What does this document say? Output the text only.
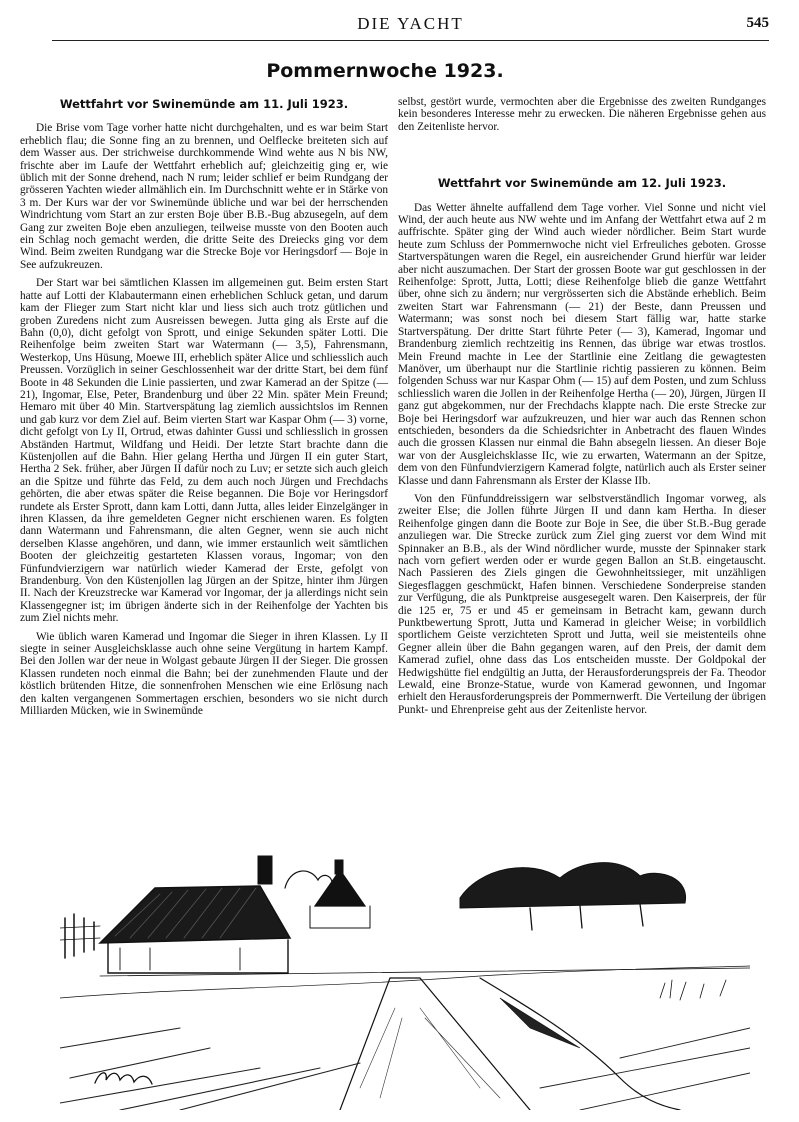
DIE YACHT	545
Pommernwoche 1923.
Wettfahrt vor Swinemünde am 11. Juli 1923.

Die Brise vom Tage vorher hatte nicht durchgehalten, und es war beim Start erheblich flau; die Sonne fing an zu brennen, und Oelflecke breiteten sich auf dem Wasser aus. Der strichweise durchkommende Wind wehte aus N bis NW, frischte aber im Laufe der Wettfahrt erheblich auf; gleichzeitig ging er, wie üblich mit der Sonne drehend, nach N rum; leider schlief er beim Rundgang der grösseren Yachten wieder allmählich ein. Im Durchschnitt wehte er in Stärke von 3 m. Der Kurs war der vor Swinemünde übliche und war bei der herrschenden Windrichtung vom Start an zur ersten Boje über B.B.-Bug abzusegeln, auf dem Gang zur zweiten Boje eben anzuliegen, teilweise musste von den Booten auch ein Schlag noch gemacht werden, die dritte Seite des Dreiecks ging vor dem Wind. Beim zweiten Rundgang war die Strecke Boje vor Heringsdorf — Boje in See aufzukreuzen.

Der Start war bei sämtlichen Klassen im allgemeinen gut. Beim ersten Start hatte auf Lotti der Klabautermann einen erheblichen Schluck getan, und darum kam der Flieger zum Start nicht klar und liess sich auch trotz gütlichen und groben Zuredens nicht zum Ausreissen bewegen. Jutta ging als Erste auf die Bahn (0,0), dicht gefolgt von Sprott, und einige Sekunden später Lotti. Die Reihenfolge beim zweiten Start war Watermann (— 3,5), Fahrensmann, Westerkop, Uns Hüsung, Moewe III, erheblich später Alice und schliesslich auch Preussen. Vorzüglich in seiner Geschlossenheit war der dritte Start, bei dem fünf Boote in 48 Sekunden die Linie passierten, und zwar Kamerad an der Spitze (— 21), Ingomar, Else, Peter, Brandenburg und über 22 Min. später Mein Freund; Hemaro mit über 40 Min. Startverspätung lag ziemlich aussichtslos im Rennen und gab kurz vor dem Ziel auf. Beim vierten Start war Kaspar Ohm (— 3) vorne, dicht gefolgt von Ly II, Ortrud, etwas dahinter Gussi und schliesslich in grossen Abständen Hartmut, Wildfang und Heidi. Der letzte Start brachte dann die Küstenjollen auf die Bahn. Hier gelang Hertha und Jürgen II ein guter Start, Hertha 2 Sek. früher, aber Jürgen II dafür noch zu Luv; er setzte sich auch gleich an die Spitze und führte das Feld, zu dem auch noch Jürgen und Frechdachs gehörten, die aber etwas später die Reise begannen. Die Boje vor Heringsdorf rundete als Erster Sprott, dann kam Lotti, dann Jutta, alles leider Einzelgänger in ihren Klassen, da ihre gemeldeten Gegner nicht erschienen waren. Es folgten dann Watermann und Fahrensmann, die alten Gegner, wenn sie auch nicht derselben Klasse angehören, und dann, wie immer erstaunlich weit sämtlichen Booten der gleichzeitig gestarteten Klassen voraus, Ingomar; von den Fünfundvierzigern war natürlich wieder Kamerad der Erste, gefolgt von Brandenburg. Von den Küstenjollen lag Jürgen an der Spitze, hinter ihm Jürgen II. Nach der Kreuzstrecke war Kamerad vor Ingomar, der ja allerdings nicht sein Klassengegner ist; im übrigen änderte sich in der Reihenfolge der Yachten bis zum Ziel nichts mehr.

Wie üblich waren Kamerad und Ingomar die Sieger in ihren Klassen. Ly II siegte in seiner Ausgleichsklasse auch ohne seine Vergütung in hartem Kampf. Bei den Jollen war der neue in Wolgast gebaute Jürgen II der Sieger. Die grossen Klassen rundeten noch einmal die Bahn; bei der zunehmenden Flaute und der köstlich brütenden Hitze, die sonnenfrohen Menschen wie eine Erlösung nach den kalten vergangenen Sommertagen erschien, besonders wo sie nicht durch Milliarden Mücken, wie in Swinemünde

selbst, gestört wurde, vermochten aber die Ergebnisse des zweiten Rundganges kein besonderes Interesse mehr zu erwecken. Die näheren Ergebnisse gehen aus den Zeitenliste hervor.

Wettfahrt vor Swinemünde am 12. Juli 1923.

Das Wetter ähnelte auffallend dem Tage vorher. Viel Sonne und nicht viel Wind, der auch heute aus NW wehte und im Anfang der Wettfahrt etwa auf 2 m auffrischte. Später ging der Wind auch wieder nördlicher. Beim Start wurde heute zum Schluss der Pommernwoche nicht viel Erfreuliches geboten. Grosse Startverspätungen waren die Regel, ein ausreichender Grund hierfür war leider aber nicht auszumachen. Der Start der grossen Boote war gut geschlossen in der Reihenfolge: Sprott, Jutta, Lotti; diese Reihenfolge blieb die ganze Wettfahrt über, ohne sich zu ändern; nur vergrösserten sich die Abstände erheblich. Beim zweiten Start war Fahrensmann (— 21) der Beste, dann Preussen und Watermann; was sonst noch bei diesem Start fällig war, hatte starke Startverspätung. Der dritte Start führte Peter (— 3), Kamerad, Ingomar und Brandenburg ziemlich rechtzeitig ins Rennen, das übrige war etwas trostlos. Mein Freund machte in Lee der Startlinie eine Zeitlang die gewagtesten Manöver, um überhaupt nur die Startlinie richtig passieren zu können. Beim folgenden Schuss war nur Kaspar Ohm (— 15) auf dem Posten, und zum Schluss schliesslich waren die Jollen in der Reihenfolge Hertha (— 20), Jürgen, Jürgen II ganz gut abgekommen, nur der Frechdachs klappte nach. Die erste Strecke zur Boje bei Heringsdorf war aufzukreuzen, und hier war auch das Rennen schon entschieden, besonders da die Schiedsrichter in Anbetracht des flauen Windes auch die grossen Klassen nur einmal die Bahn absegeln liessen. An dieser Boje war von der Ausgleichsklasse IIc, wie zu erwarten, Watermann an der Spitze, dem von den Fünfundvierzigern Kamerad folgte, natürlich auch als Erster seiner Klasse und dann Fahrensmann als Erster der Klasse IIb.

Von den Fünfunddreissigern war selbstverständlich Ingomar vorweg, als zweiter Else; die Jollen führte Jürgen II und dann kam Hertha. In dieser Reihenfolge gingen dann die Boote zur Boje in See, die über St.B.-Bug gerade anzuliegen war. Die Strecke zurück zum Ziel ging zuerst vor dem Wind mit Spinnaker an B.B., als der Wind nördlicher wurde, musste der Spinnaker stark nach vorn gefiert werden oder er wurde gegen Ballon an St.B. eingetauscht. Nach Passieren des Ziels gingen die Gewohnheitssieger, mit unzähligen Siegesflaggen geschmückt, Hafen binnen. Verschiedene Sonderpreise standen zur Verfügung, die als Punktpreise ausgesegelt waren. Den Kaiserpreis, der für die 125 er, 75 er und 45 er gemeinsam in Betracht kam, gewann durch Punktbewertung Sprott, Jutta und Kamerad in gleicher Weise; in vorbildlich sportlichem Geiste verzichteten Sprott und Jutta, weil sie meistenteils ohne Gegner allein über die Bahn gegangen waren, auf den Preis, der damit dem Kamerad zufiel, ohne dass das Los entscheiden musste. Der Goldpokal der Hedwigshütte fiel endgültig an Jutta, der Herausforderungspreis der Fa. Theodor Lewald, eine Bronze-Statue, wurde von Kamerad gewonnen, und Ingomar erhielt den Herausforderungspreis der Pommernwerft. Die Verteilung der übrigen Punkt- und Ehrenpreise geht aus der Zeitenliste hervor.
